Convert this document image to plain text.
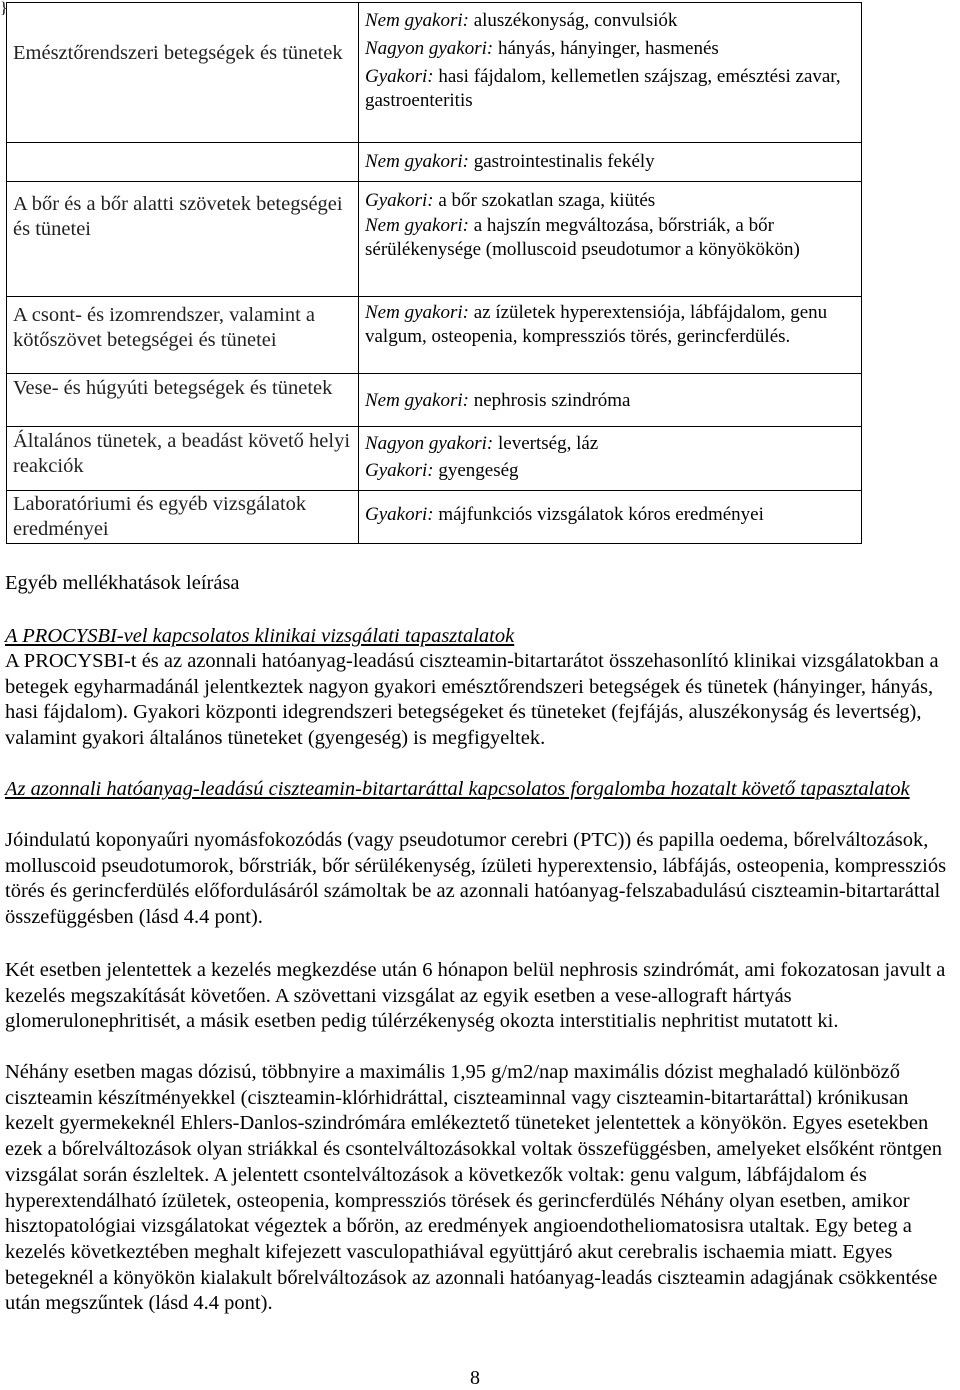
}
Emésztőrendszeri betegségek és tünetek	Nem gyakori: aluszékonyság, convulsiók
Nagyon gyakori: hányás, hányinger, hasmenés
Gyakori: hasi fájdalom, kellemetlen szájszag, emésztési zavar, gastroenteritis

	Nem gyakori: gastrointestinalis fekély

A bőr és a bőr alatti szövetek betegségei és tünetei	Gyakori: a bőr szokatlan szaga, kiütés
Nem gyakori: a hajszín megváltozása, bőrstriák, a bőr sérülékenysége (molluscoid pseudotumor a könyökökön)

A csont- és izomrendszer, valamint a kötőszövet betegségei és tünetei	Nem gyakori: az ízületek hyperextensiója, lábfájdalom, genu valgum, osteopenia, kompressziós törés, gerincferdülés.

Vese- és húgyúti betegségek és tünetek	Nem gyakori: nephrosis szindróma

Általános tünetek, a beadást követő helyi reakciók	Nagyon gyakori: levertség, láz
Gyakori: gyengeség

Laboratóriumi és egyéb vizsgálatok eredményei	Gyakori: májfunkciós vizsgálatok kóros eredményei
Egyéb mellékhatások leírása
A PROCYSBI-vel kapcsolatos klinikai vizsgálati tapasztalatok
A PROCYSBI-t és az azonnali hatóanyag-leadású ciszteamin-bitartarátot összehasonlító klinikai vizsgálatokban a betegek egyharmadánál jelentkeztek nagyon gyakori emésztőrendszeri betegségek és tünetek (hányinger, hányás, hasi fájdalom). Gyakori központi idegrendszeri betegségeket és tüneteket (fejfájás, aluszékonyság és levertség), valamint gyakori általános tüneteket (gyengeség) is megfigyeltek.
Az azonnali hatóanyag-leadású ciszteamin-bitartaráttal kapcsolatos forgalomba hozatalt követő tapasztalatok
Jóindulatú koponyaűri nyomásfokozódás (vagy pseudotumor cerebri (PTC)) és papilla oedema, bőrelváltozások, molluscoid pseudotumorok, bőrstriák, bőr sérülékenység, ízületi hyperextensio, lábfájás, osteopenia, kompressziós törés és gerincferdülés előfordulásáról számoltak be az azonnali hatóanyag-felszabadulású ciszteamin-bitartaráttal összefüggésben (lásd 4.4 pont).
Két esetben jelentettek a kezelés megkezdése után 6 hónapon belül nephrosis szindrómát, ami fokozatosan javult a kezelés megszakítását követően. A szövettani vizsgálat az egyik esetben a vese-allograft hártyás glomerulonephritisét, a másik esetben pedig túlérzékenység okozta interstitialis nephritist mutatott ki.
Néhány esetben magas dózisú, többnyire a maximális 1,95 g/m2/nap maximális dózist meghaladó különböző ciszteamin készítményekkel (ciszteamin-klórhidráttal, ciszteaminnal vagy ciszteamin-bitartaráttal) krónikusan kezelt gyermekeknél Ehlers-Danlos-szindrómára emlékeztető tüneteket jelentettek a könyökön. Egyes esetekben ezek a bőrelváltozások olyan striákkal és csontelváltozásokkal voltak összefüggésben, amelyeket elsőként röntgen vizsgálat során észleltek. A jelentett csontelváltozások a következők voltak: genu valgum, lábfájdalom és hyperextendálható ízületek, osteopenia, kompressziós törések és gerincferdülés Néhány olyan esetben, amikor hisztopatológiai vizsgálatokat végeztek a bőrön, az eredmények angioendotheliomatosisra utaltak. Egy beteg a kezelés következtében meghalt kifejezett vasculopathiával együttjáró akut cerebralis ischaemia miatt. Egyes betegeknél a könyökön kialakult bőrelváltozások az azonnali hatóanyag-leadás ciszteamin adagjának csökkentése után megszűntek (lásd 4.4 pont).
8
